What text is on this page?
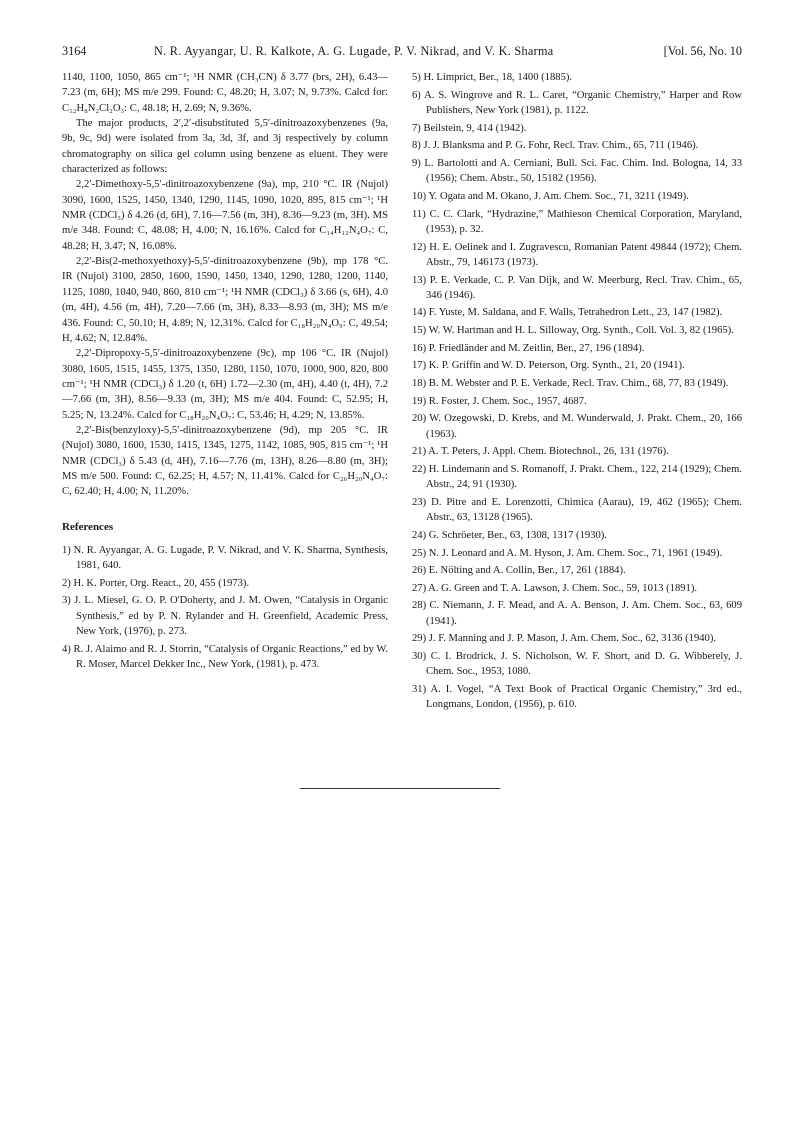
3164	N. R. Ayyangar, U. R. Kalkote, A. G. Lugade, P. V. Nikrad, and V. K. Sharma	[Vol. 56, No. 10

1140, 1100, 1050, 865 cm⁻¹; ¹H NMR (CH₃CN) δ 3.77 (brs, 2H), 6.43—7.23 (m, 6H); MS m/e 299. Found: C, 48.20; H, 3.07; N, 9.73%. Calcd for: C₁₂H₈N₂Cl₂O₃: C, 48.18; H, 2.69; N, 9.36%.

The major products, 2′,2′-disubstituted 5,5′-dinitroazoxybenzenes (9a, 9b, 9c, 9d) were isolated from 3a, 3d, 3f, and 3j respectively by column chromatography on silica gel column using benzene as eluent. They were characterized as follows:

2,2′-Dimethoxy-5,5′-dinitroazoxybenzene (9a), mp, 210 °C. IR (Nujol) 3090, 1600, 1525, 1450, 1340, 1290, 1145, 1090, 1020, 895, 815 cm⁻¹; ¹H NMR (CDCl₃) δ 4.26 (d, 6H), 7.16—7.56 (m, 3H), 8.36—9.23 (m, 3H). MS m/e 348. Found: C, 48.08; H, 4.00; N, 16.16%. Calcd for C₁₄H₁₂N₄O₇: C, 48.28; H, 3.47; N, 16.08%.

2,2′-Bis(2-methoxyethoxy)-5,5′-dinitroazoxybenzene (9b), mp 178 °C. IR (Nujol) 3100, 2850, 1600, 1590, 1450, 1340, 1290, 1280, 1200, 1140, 1125, 1080, 1040, 940, 860, 810 cm⁻¹; ¹H NMR (CDCl₃) δ 3.66 (s, 6H), 4.0 (m, 4H), 4.56 (m, 4H), 7.20—7.66 (m, 3H), 8.33—8.93 (m, 3H); MS m/e 436. Found: C, 50.10; H, 4.89; N, 12.31%. Calcd for C₁₈H₂₀N₄O₉: C, 49.54; H, 4.62; N, 12.84%.

2,2′-Dipropoxy-5,5′-dinitroazoxybenzene (9c), mp 106 °C. IR (Nujol) 3080, 1605, 1515, 1455, 1375, 1350, 1280, 1150, 1070, 1000, 900, 820, 800 cm⁻¹; ¹H NMR (CDCl₃) δ 1.20 (t, 6H) 1.72—2.30 (m, 4H), 4.40 (t, 4H), 7.2—7.66 (m, 3H), 8.56—9.33 (m, 3H); MS m/e 404. Found: C, 52.95; H, 5.25; N, 13.24%. Calcd for C₁₈H₂₀N₄O₇: C, 53.46; H, 4.29; N, 13.85%.

2,2′-Bis(benzyloxy)-5,5′-dinitroazoxybenzene (9d), mp 205 °C. IR (Nujol) 3080, 1600, 1530, 1415, 1345, 1275, 1142, 1085, 905, 815 cm⁻¹; ¹H NMR (CDCl₃) δ 5.43 (d, 4H), 7.16—7.76 (m, 13H), 8.26—8.80 (m, 3H); MS m/e 500. Found: C, 62.25; H, 4.57; N, 11.41%. Calcd for C₂₆H₂₀N₄O₇: C, 62.40; H, 4.00; N, 11.20%.

References

1) N. R. Ayyangar, A. G. Lugade, P. V. Nikrad, and V. K. Sharma, Synthesis, 1981, 640.

2) H. K. Porter, Org. React., 20, 455 (1973).

3) J. L. Miesel, G. O. P. O'Doherty, and J. M. Owen, “Catalysis in Organic Synthesis,” ed by P. N. Rylander and H. Greenfield, Academic Press, New York, (1976), p. 273.

4) R. J. Alaimo and R. J. Storrin, “Catalysis of Organic Reactions,” ed by W. R. Moser, Marcel Dekker Inc., New York, (1981), p. 473.

5) H. Limprict, Ber., 18, 1400 (1885).

6) A. S. Wingrove and R. L. Caret, “Organic Chemistry,” Harper and Row Publishers, New York (1981), p. 1122.

7) Beilstein, 9, 414 (1942).

8) J. J. Blanksma and P. G. Fohr, Recl. Trav. Chim., 65, 711 (1946).

9) L. Bartolotti and A. Cerniani, Bull. Sci. Fac. Chim. Ind. Bologna, 14, 33 (1956); Chem. Abstr., 50, 15182 (1956).

10) Y. Ogata and M. Okano, J. Am. Chem. Soc., 71, 3211 (1949).

11) C. C. Clark, “Hydrazine,” Mathieson Chemical Corporation, Maryland, (1953), p. 32.

12) H. E. Oelinek and I. Zugravescu, Romanian Patent 49844 (1972); Chem. Abstr., 79, 146173 (1973).

13) P. E. Verkade, C. P. Van Dijk, and W. Meerburg, Recl. Trav. Chim., 65, 346 (1946).

14) F. Yuste, M. Saldana, and F. Walls, Tetrahedron Lett., 23, 147 (1982).

15) W. W. Hartman and H. L. Silloway, Org. Synth., Coll. Vol. 3, 82 (1965).

16) P. Friedländer and M. Zeitlin, Ber., 27, 196 (1894).

17) K. P. Griffin and W. D. Peterson, Org. Synth., 21, 20 (1941).

18) B. M. Webster and P. E. Verkade, Recl. Trav. Chim., 68, 77, 83 (1949).

19) R. Foster, J. Chem. Soc., 1957, 4687.

20) W. Ozegowski, D. Krebs, and M. Wunderwald, J. Prakt. Chem., 20, 166 (1963).

21) A. T. Peters, J. Appl. Chem. Biotechnol., 26, 131 (1976).

22) H. Lindemann and S. Romanoff, J. Prakt. Chem., 122, 214 (1929); Chem. Abstr., 24, 91 (1930).

23) D. Pitre and E. Lorenzotti, Chimica (Aarau), 19, 462 (1965); Chem. Abstr., 63, 13128 (1965).

24) G. Schröeter, Ber., 63, 1308, 1317 (1930).

25) N. J. Leonard and A. M. Hyson, J. Am. Chem. Soc., 71, 1961 (1949).

26) E. Nölting and A. Collin, Ber., 17, 261 (1884).

27) A. G. Green and T. A. Lawson, J. Chem. Soc., 59, 1013 (1891).

28) C. Niemann, J. F. Mead, and A. A. Benson, J. Am. Chem. Soc., 63, 609 (1941).

29) J. F. Manning and J. P. Mason, J. Am. Chem. Soc., 62, 3136 (1940).

30) C. I. Brodrick, J. S. Nicholson, W. F. Short, and D. G. Wibberely, J. Chem. Soc., 1953, 1080.

31) A. I. Vogel, “A Text Book of Practical Organic Chemistry,” 3rd ed., Longmans, London, (1956), p. 610.
